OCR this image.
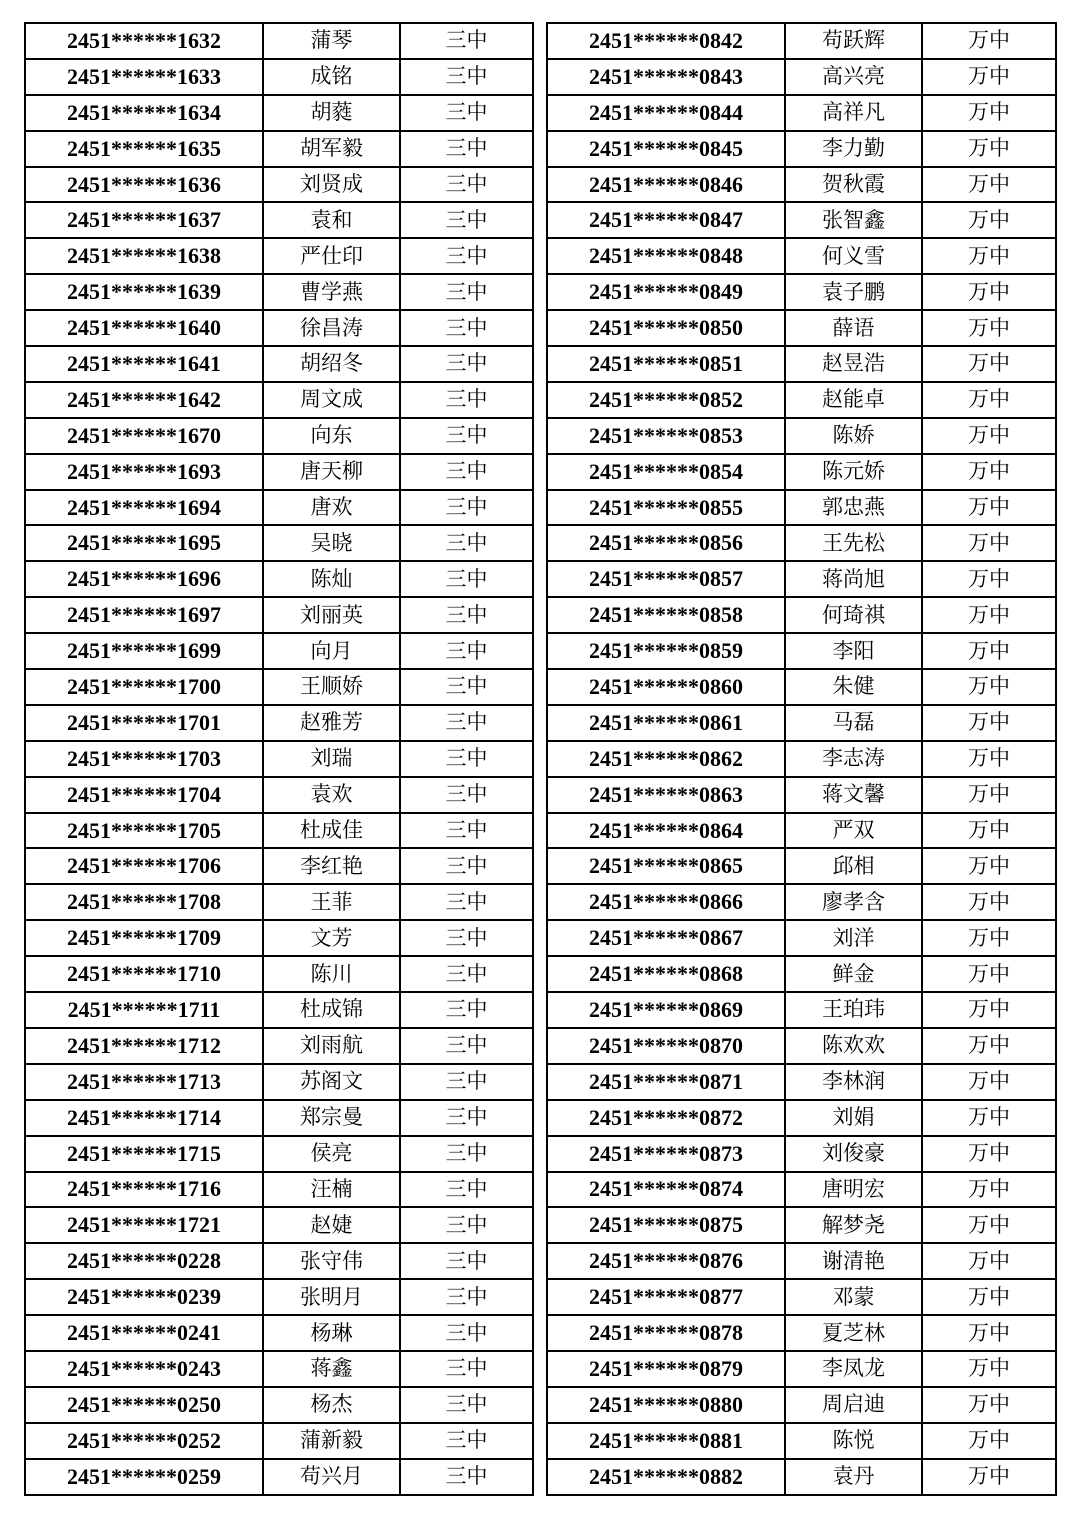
2451******1632	蒲琴	三中
2451******1633	成铭	三中
2451******1634	胡蕤	三中
2451******1635	胡军毅	三中
2451******1636	刘贤成	三中
2451******1637	袁和	三中
2451******1638	严仕印	三中
2451******1639	曹学燕	三中
2451******1640	徐昌涛	三中
2451******1641	胡绍冬	三中
2451******1642	周文成	三中
2451******1670	向东	三中
2451******1693	唐天柳	三中
2451******1694	唐欢	三中
2451******1695	吴晓	三中
2451******1696	陈灿	三中
2451******1697	刘丽英	三中
2451******1699	向月	三中
2451******1700	王顺娇	三中
2451******1701	赵雅芳	三中
2451******1703	刘瑞	三中
2451******1704	袁欢	三中
2451******1705	杜成佳	三中
2451******1706	李红艳	三中
2451******1708	王菲	三中
2451******1709	文芳	三中
2451******1710	陈川	三中
2451******1711	杜成锦	三中
2451******1712	刘雨航	三中
2451******1713	苏阁文	三中
2451******1714	郑宗曼	三中
2451******1715	侯亮	三中
2451******1716	汪楠	三中
2451******1721	赵婕	三中
2451******0228	张守伟	三中
2451******0239	张明月	三中
2451******0241	杨琳	三中
2451******0243	蒋鑫	三中
2451******0250	杨杰	三中
2451******0252	蒲新毅	三中
2451******0259	苟兴月	三中
2451******0842	苟跃辉	万中
2451******0843	高兴亮	万中
2451******0844	高祥凡	万中
2451******0845	李力勤	万中
2451******0846	贺秋霞	万中
2451******0847	张智鑫	万中
2451******0848	何义雪	万中
2451******0849	袁子鹏	万中
2451******0850	薛语	万中
2451******0851	赵昱浩	万中
2451******0852	赵能卓	万中
2451******0853	陈娇	万中
2451******0854	陈元娇	万中
2451******0855	郭忠燕	万中
2451******0856	王先松	万中
2451******0857	蒋尚旭	万中
2451******0858	何琦祺	万中
2451******0859	李阳	万中
2451******0860	朱健	万中
2451******0861	马磊	万中
2451******0862	李志涛	万中
2451******0863	蒋文馨	万中
2451******0864	严双	万中
2451******0865	邱相	万中
2451******0866	廖孝含	万中
2451******0867	刘洋	万中
2451******0868	鲜金	万中
2451******0869	王珀玮	万中
2451******0870	陈欢欢	万中
2451******0871	李林润	万中
2451******0872	刘娟	万中
2451******0873	刘俊豪	万中
2451******0874	唐明宏	万中
2451******0875	解梦尧	万中
2451******0876	谢清艳	万中
2451******0877	邓蒙	万中
2451******0878	夏芝林	万中
2451******0879	李凤龙	万中
2451******0880	周启迪	万中
2451******0881	陈悦	万中
2451******0882	袁丹	万中
